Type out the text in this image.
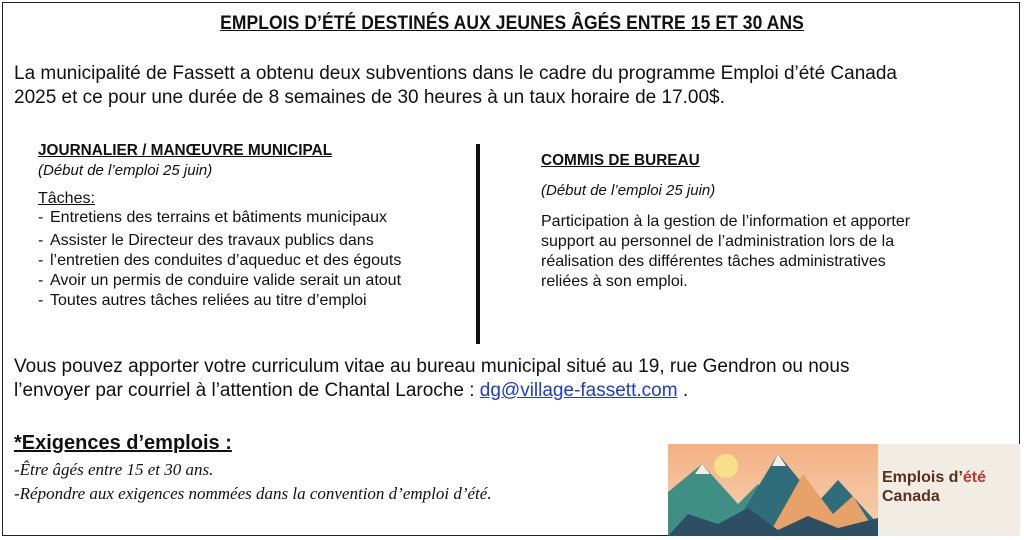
EMPLOIS D’ÉTÉ DESTINÉS AUX JEUNES ÂGÉS ENTRE 15 ET 30 ANS
La municipalité de Fassett a obtenu deux subventions dans le cadre du programme Emploi d’été Canada
2025 et ce pour une durée de 8 semaines de 30 heures à un taux horaire de 17.00$.
JOURNALIER / MANŒUVRE MUNICIPAL
(Début de l’emploi 25 juin)
Tâches:
- Entretiens des terrains et bâtiments municipaux
- Assister le Directeur des travaux publics dans
- l’entretien des conduites d’aqueduc et des égouts
- Avoir un permis de conduire valide serait un atout
- Toutes autres tâches reliées au titre d’emploi
COMMIS DE BUREAU
(Début de l’emploi 25 juin)
Participation à la gestion de l’information et apporter
support au personnel de l’administration lors de la
réalisation des différentes tâches administratives
reliées à son emploi.
Vous pouvez apporter votre curriculum vitae au bureau municipal situé au 19, rue Gendron ou nous
l’envoyer par courriel à l’attention de Chantal Laroche : dg@village-fassett.com .
*Exigences d’emplois :
-Être âgés entre 15 et 30 ans.
-Répondre aux exigences nommées dans la convention d’emploi d’été.
Emplois d’été
Canada
